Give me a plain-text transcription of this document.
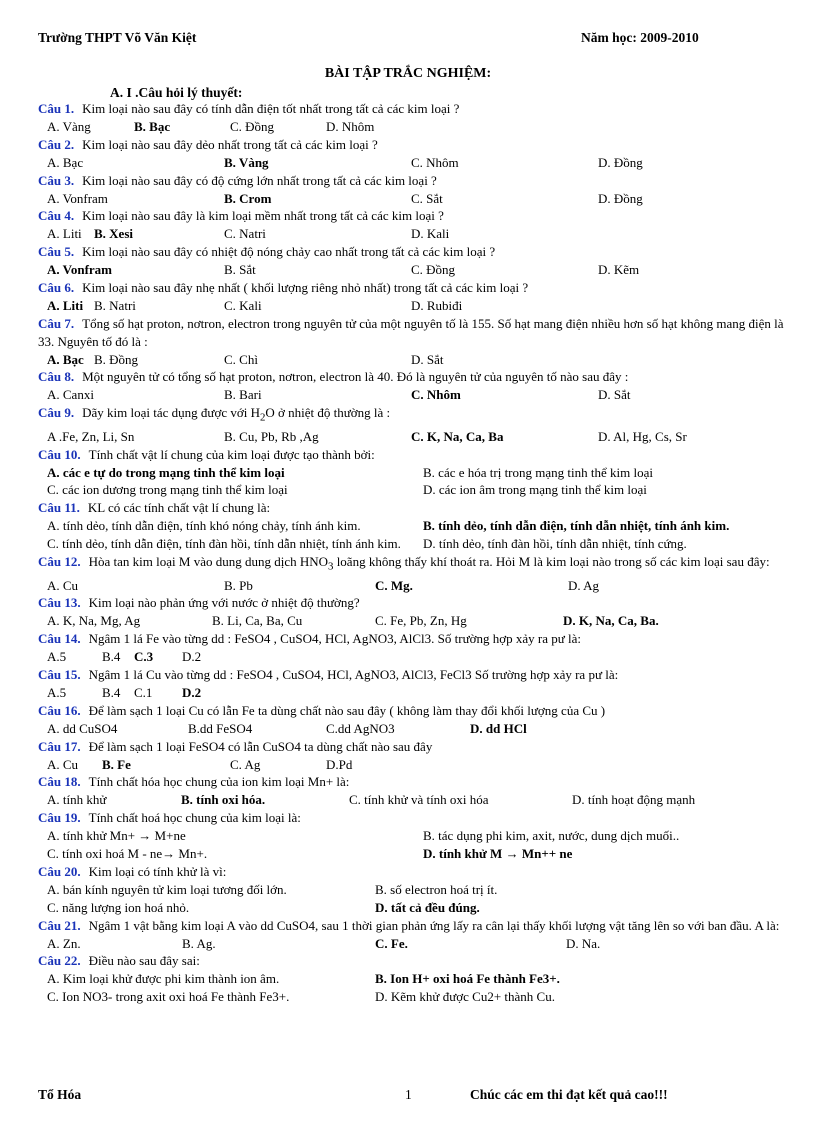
Trường THPT Võ Văn Kiệt	Năm học: 2009-2010
BÀI TẬP TRẮC NGHIỆM:
A. I .Câu hỏi lý thuyết:
Câu 1. Kim loại nào sau đây có tính dẫn điện tốt nhất trong tất cả các kim loại ?
A. Vàng	B. Bạc	C. Đồng	D. Nhôm
Câu 2. Kim loại nào sau đây dẻo nhất trong tất cả các kim loại ?
A. Bạc	B. Vàng	C. Nhôm	D. Đồng
Câu 3. Kim loại nào sau đây có độ cứng lớn nhất trong tất cả các kim loại ?
A. Vonfram	B. Crom	C. Sắt	D. Đồng
Câu 4. Kim loại nào sau đây là kim loại mềm nhất trong tất cả các kim loại ?
A. Liti B. Xesi	C. Natri	D. Kali
Câu 5. Kim loại nào sau đây có nhiệt độ nóng chảy cao nhất trong tất cả các kim loại ?
A. Vonfram	B. Sắt	C. Đồng	D. Kẽm
Câu 6. Kim loại nào sau đây nhẹ nhất ( khối lượng riêng nhỏ nhất) trong tất cả các kim loại ?
A. Liti B. Natri	C. Kali	D. Rubiđi
Câu 7. Tổng số hạt proton, nơtron, electron trong nguyên tử của một nguyên tố là 155. Số hạt mang điện nhiều hơn số hạt không mang điện là 33. Nguyên tố đó là :
A. Bạc B. Đồng	C. Chì	D. Sắt
Câu 8. Một nguyên tử có tổng số hạt proton, nơtron, electron là 40. Đó là nguyên tử của nguyên tố nào sau đây :
A. Canxi	B. Bari	C. Nhôm	D. Sắt
Câu 9. Dãy kim loại tác dụng được với $H_2O$ ở nhiệt độ thường là :
A .Fe, Zn, Li, Sn	B. Cu, Pb, Rb ,Ag	C. K, Na, Ca, Ba	D. Al, Hg, Cs, Sr
Câu 10. Tính chất vật lí chung của kim loại được tạo thành bởi:
A. các e tự do trong mạng tinh thể kim loại	B. các e hóa trị trong mạng tinh thể kim loại
C. các ion dương trong mạng tinh thể kim loại	D. các ion âm trong mạng tinh thể kim loại
Câu 11. KL có các tính chất vật lí chung là:
A. tính dẻo, tính dẫn điện, tính khó nóng chảy, tính ánh kim.	B. tính dẻo, tính dẫn điện, tính dẫn nhiệt, tính ánh kim.
C. tính dẻo, tính dẫn điện, tính đàn hồi, tính dẫn nhiệt, tính ánh kim. D. tính dẻo, tính đàn hồi, tính dẫn nhiệt, tính cứng.
Câu 12. Hòa tan kim loại M vào dung dung dịch $HNO_3$ loãng không thấy khí thoát ra. Hỏi M là kim loại nào trong số các kim loại sau đây:
A. Cu	B. Pb	C. Mg.	D. Ag
Câu 13. Kim loại nào phản ứng với nước ở nhiệt độ thường?
A. K, Na, Mg, Ag	B. Li, Ca, Ba, Cu	C. Fe, Pb, Zn, Hg	D. K, Na, Ca, Ba.
Câu 14. Ngâm 1 lá Fe vào từng dd : FeSO4 , CuSO4, HCl, AgNO3, AlCl3. Số trường hợp xảy ra pư là:
A.5	B.4 C.3 D.2
Câu 15. Ngâm 1 lá Cu vào từng dd : FeSO4 , CuSO4, HCl, AgNO3, AlCl3, FeCl3 Số trường hợp xảy ra pư là:
A.5	B.4 C.1 D.2
Câu 16. Để làm sạch 1 loại Cu có lẫn Fe ta dùng chất nào sau đây ( không làm thay đổi khối lượng của Cu )
A. dd CuSO4	B.dd FeSO4	C.dd AgNO3	D. dd HCl
Câu 17. Để làm sạch 1 loại FeSO4 có lẫn CuSO4 ta dùng chất nào sau đây
A. Cu B. Fe	C. Ag	D.Pd
Câu 18. Tính chất hóa học chung của ion kim loại Mn+ là:
A. tính khử	B. tính oxi hóa.	C. tính khử và tính oxi hóa	D. tính hoạt động mạnh
Câu 19. Tính chất hoá học chung của kim loại là:
A. tính khử Mn+ → M+ne	B. tác dụng phi kim, axit, nước, dung dịch muối..
C. tính oxi hoá M - ne→ Mn+.	D. tính khử M → Mn++ ne
Câu 20. Kim loại có tính khử là vì:
A. bán kính nguyên tử kim loại tương đối lớn.	B. số electron hoá trị ít.
C. năng lượng ion hoá nhỏ.	D. tất cả đều đúng.
Câu 21. Ngâm 1 vật bằng kim loại A vào dd CuSO4, sau 1 thời gian phản ứng lấy ra cân lại thấy khối lượng vật tăng lên so với ban đầu. A là:
A. Zn.	B. Ag.	C. Fe.	D. Na.
Câu 22. Điều nào sau đây sai:
A. Kim loại khử được phi kim thành ion âm.	B. Ion H+ oxi hoá Fe thành Fe3+.
C. Ion NO3- trong axit oxi hoá Fe thành Fe3+.	D. Kẽm khử được Cu2+ thành Cu.
Tổ Hóa	1	Chúc các em thi đạt kết quả cao!!!
